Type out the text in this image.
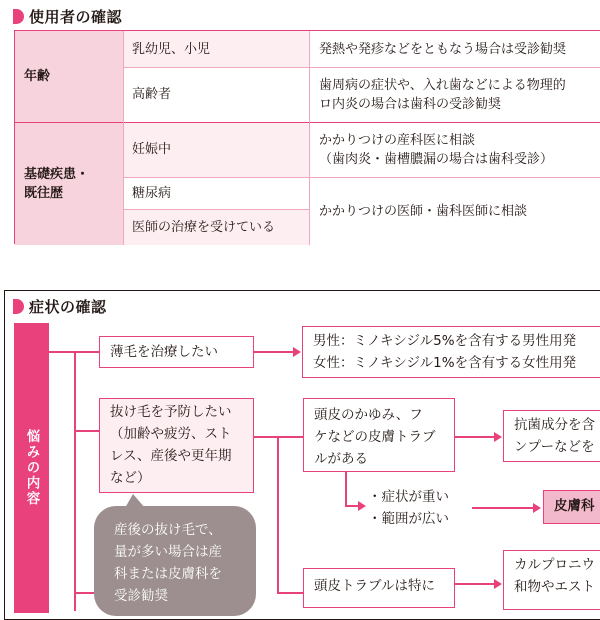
使用者の確認
年齢
基礎疾患・
既往歴
乳幼児、小児
高齢者
妊娠中
糖尿病
医師の治療を受けている
発熱や発疹などをともなう場合は受診勧奨
歯周病の症状や、入れ歯などによる物理的
ロ内炎の場合は歯科の受診勧奨
かかりつけの産科医に相談
（歯肉炎・歯槽膿漏の場合は歯科受診）
かかりつけの医師・歯科医師に相談
症状の確認
悩みの内容
薄毛を治療したい
男性：ミノキシジル5%を含有する男性用発
女性：ミノキシジル1%を含有する女性用発
抜け毛を予防したい
（加齢や疲労、スト
レス、産後や更年期
など）
頭皮のかゆみ、フ
ケなどの皮膚トラブ
ルがある
抗菌成分を含
ンプーなどを
・症状が重い
・範囲が広い
皮膚科
産後の抜け毛で、
量が多い場合は産
科または皮膚科を
受診勧奨
頭皮トラブルは特に
カルプロニウ
和物やエスト
